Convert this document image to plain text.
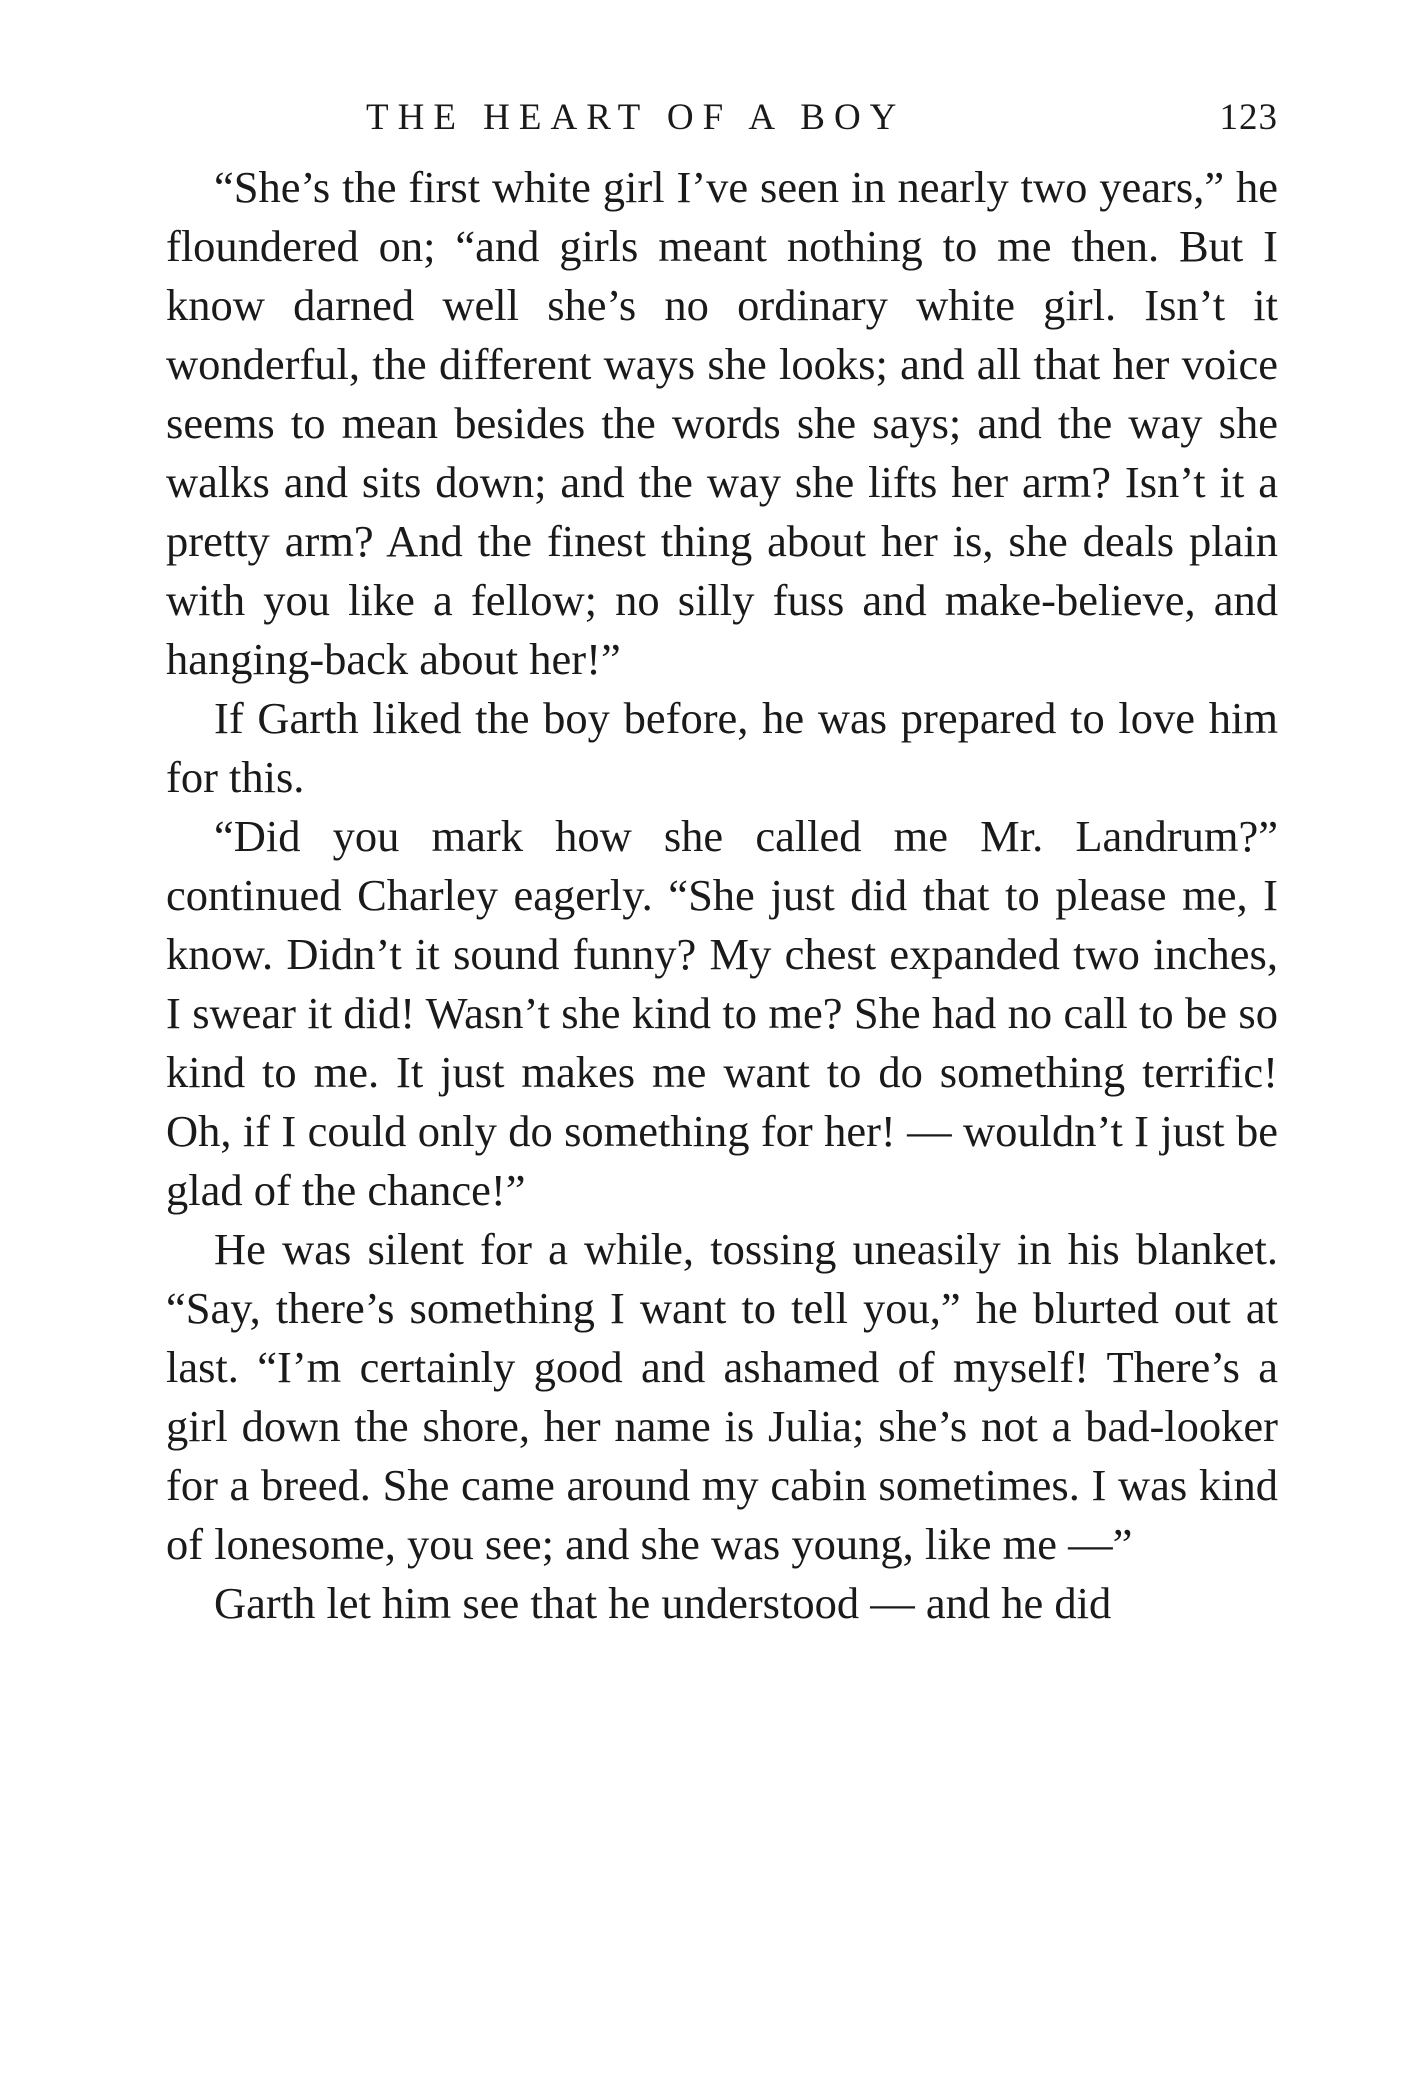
THE HEART OF A BOY	123

“She’s the first white girl I’ve seen in nearly two years,” he floundered on; “and girls meant nothing to me then. But I know darned well she’s no ordinary white girl. Isn’t it wonderful, the different ways she looks; and all that her voice seems to mean besides the words she says; and the way she walks and sits down; and the way she lifts her arm? Isn’t it a pretty arm? And the finest thing about her is, she deals plain with you like a fellow; no silly fuss and make-believe, and hanging-back about her!”

If Garth liked the boy before, he was prepared to love him for this.

“Did you mark how she called me Mr. Landrum?” continued Charley eagerly. “She just did that to please me, I know. Didn’t it sound funny? My chest expanded two inches, I swear it did! Wasn’t she kind to me? She had no call to be so kind to me. It just makes me want to do something terrific! Oh, if I could only do something for her! — wouldn’t I just be glad of the chance!”

He was silent for a while, tossing uneasily in his blanket. “Say, there’s something I want to tell you,” he blurted out at last. “I’m certainly good and ashamed of myself! There’s a girl down the shore, her name is Julia; she’s not a bad-looker for a breed. She came around my cabin sometimes. I was kind of lonesome, you see; and she was young, like me —”

Garth let him see that he understood — and he did
